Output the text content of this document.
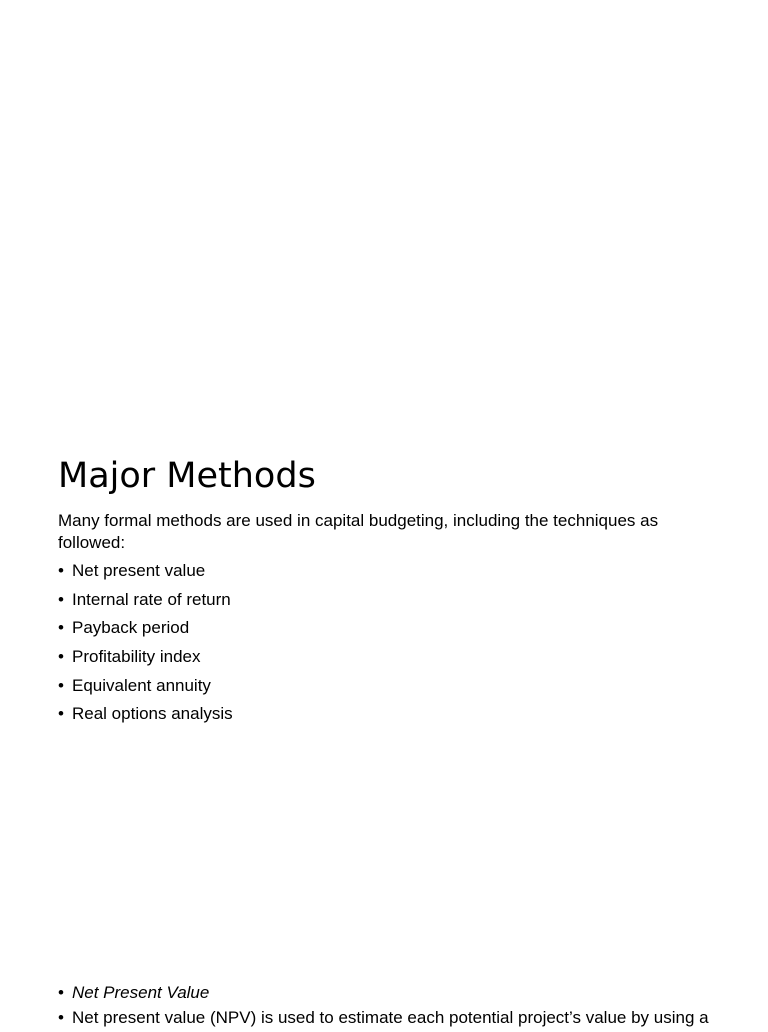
Major Methods

Many formal methods are used in capital budgeting, including the techniques as followed:

• Net present value
• Internal rate of return
• Payback period
• Profitability index
• Equivalent annuity
• Real options analysis
• Net Present Value
• Net present value (NPV) is used to estimate each potential project’s value by using a
